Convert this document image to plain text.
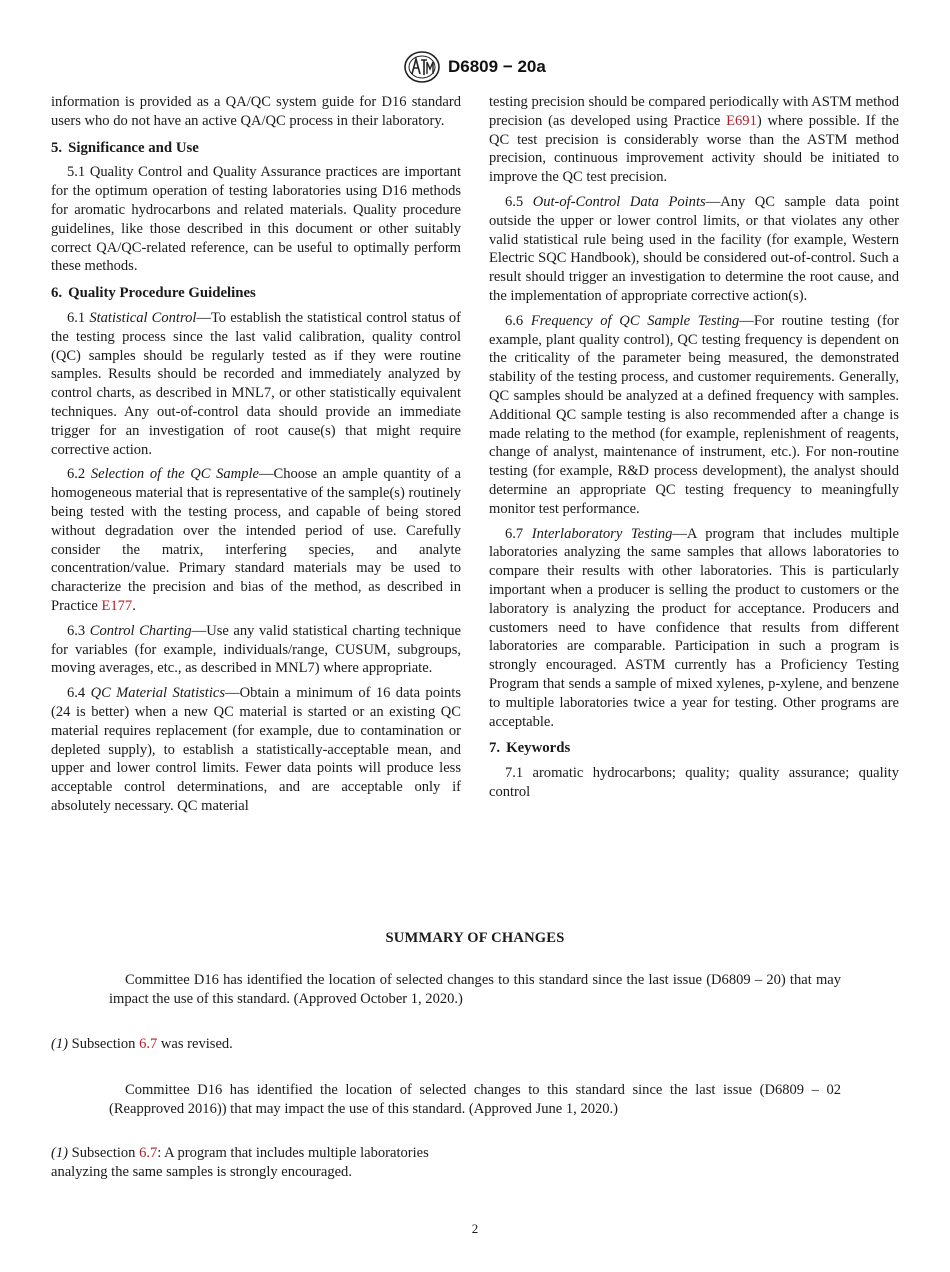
D6809 − 20a

information is provided as a QA/QC system guide for D16 standard users who do not have an active QA/QC process in their laboratory.

5. Significance and Use

5.1 Quality Control and Quality Assurance practices are important for the optimum operation of testing laboratories using D16 methods for aromatic hydrocarbons and related materials. Quality procedure guidelines, like those described in this document or other suitably correct QA/QC-related reference, can be useful to optimally perform these methods.

6. Quality Procedure Guidelines

6.1 Statistical Control—To establish the statistical control status of the testing process since the last valid calibration, quality control (QC) samples should be regularly tested as if they were routine samples. Results should be recorded and immediately analyzed by control charts, as described in MNL7, or other statistically equivalent techniques. Any out-of-control data should provide an immediate trigger for an investigation of root cause(s) that might require corrective action.

6.2 Selection of the QC Sample—Choose an ample quantity of a homogeneous material that is representative of the sample(s) routinely being tested with the testing process, and capable of being stored without degradation over the intended period of use. Carefully consider the matrix, interfering species, and analyte concentration/value. Primary standard materials may be used to characterize the precision and bias of the method, as described in Practice E177.

6.3 Control Charting—Use any valid statistical charting technique for variables (for example, individuals/range, CUSUM, subgroups, moving averages, etc., as described in MNL7) where appropriate.

6.4 QC Material Statistics—Obtain a minimum of 16 data points (24 is better) when a new QC material is started or an existing QC material requires replacement (for example, due to contamination or depleted supply), to establish a statistically-acceptable mean, and upper and lower control limits. Fewer data points will produce less acceptable control determinations, and are acceptable only if absolutely necessary. QC material

testing precision should be compared periodically with ASTM method precision (as developed using Practice E691) where possible. If the QC test precision is considerably worse than the ASTM method precision, continuous improvement activity should be initiated to improve the QC test precision.

6.5 Out-of-Control Data Points—Any QC sample data point outside the upper or lower control limits, or that violates any other valid statistical rule being used in the facility (for example, Western Electric SQC Handbook), should be considered out-of-control. Such a result should trigger an investigation to determine the root cause, and the implementation of appropriate corrective action(s).

6.6 Frequency of QC Sample Testing—For routine testing (for example, plant quality control), QC testing frequency is dependent on the criticality of the parameter being measured, the demonstrated stability of the testing process, and customer requirements. Generally, QC samples should be analyzed at a defined frequency with samples. Additional QC sample testing is also recommended after a change is made relating to the method (for example, replenishment of reagents, change of analyst, maintenance of instrument, etc.). For non-routine testing (for example, R&D process development), the analyst should determine an appropriate QC testing frequency to meaningfully monitor test performance.

6.7 Interlaboratory Testing—A program that includes multiple laboratories analyzing the same samples that allows laboratories to compare their results with other laboratories. This is particularly important when a producer is selling the product to customers or the laboratory is analyzing the product for acceptance. Producers and customers need to have confidence that results from different laboratories are comparable. Participation in such a program is strongly encouraged. ASTM currently has a Proficiency Testing Program that sends a sample of mixed xylenes, p-xylene, and benzene to multiple laboratories twice a year for testing. Other programs are acceptable.

7. Keywords

7.1 aromatic hydrocarbons; quality; quality assurance; quality control

SUMMARY OF CHANGES

Committee D16 has identified the location of selected changes to this standard since the last issue (D6809 – 20) that may impact the use of this standard. (Approved October 1, 2020.)

(1) Subsection 6.7 was revised.

Committee D16 has identified the location of selected changes to this standard since the last issue (D6809 – 02 (Reapproved 2016)) that may impact the use of this standard. (Approved June 1, 2020.)

(1) Subsection 6.7: A program that includes multiple laboratories analyzing the same samples is strongly encouraged.

2
